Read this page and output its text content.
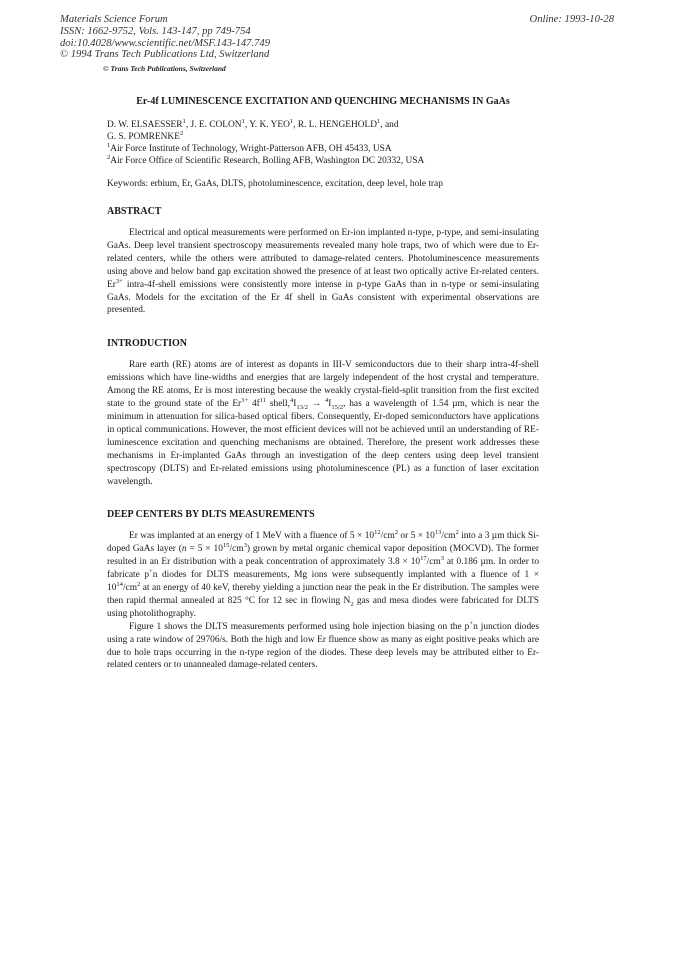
Materials Science Forum
ISSN: 1662-9752, Vols. 143-147, pp 749-754
doi:10.4028/www.scientific.net/MSF.143-147.749
© 1994 Trans Tech Publications Ltd, Switzerland
Online: 1993-10-28
© Trans Tech Publications, Switzerland
Er-4f LUMINESCENCE EXCITATION AND QUENCHING MECHANISMS IN GaAs
D. W. ELSAESSER$^1$, J. E. COLON$^1$, Y. K. YEO$^1$, R. L. HENGEHOLD$^1$, and
G. S. POMRENKE$^2$
$^1$Air Force Institute of Technology, Wright-Patterson AFB, OH 45433, USA
$^2$Air Force Office of Scientific Research, Bolling AFB, Washington DC 20332, USA
Keywords: erbium, Er, GaAs, DLTS, photoluminescence, excitation, deep level, hole trap
ABSTRACT

Electrical and optical measurements were performed on Er-ion implanted n-type, p-type, and semi-insulating GaAs. Deep level transient spectroscopy measurements revealed many hole traps, two of which were due to Er-related centers, while the others were attributed to damage-related centers. Photoluminescence measurements using above and below band gap excitation showed the presence of at least two optically active Er-related centers. $Er^{3+}$ intra-4f-shell emissions were consistently more intense in p-type GaAs than in n-type or semi-insulating GaAs. Models for the excitation of the Er 4f shell in GaAs consistent with experimental observations are presented.

INTRODUCTION

Rare earth (RE) atoms are of interest as dopants in III-V semiconductors due to their sharp intra-4f-shell emissions which have line-widths and energies that are largely independent of the host crystal and temperature. Among the RE atoms, Er is most interesting because the weakly crystal-field-split transition from the first excited state to the ground state of the $Er^{3+}$ $4f^{11}$ $shell,^4I_{13/2} \to ^4I_{15/2}$, has a wavelength of 1.54 µm, which is near the minimum in attenuation for silica-based optical fibers. Consequently, Er-doped semiconductors have applications in optical communications. However, the most efficient devices will not be achieved until an understanding of RE-luminescence excitation and quenching mechanisms are obtained. Therefore, the present work addresses these mechanisms in Er-implanted GaAs through an investigation of the deep centers using deep level transient spectroscopy (DLTS) and Er-related emissions using photoluminescence (PL) as a function of laser excitation wavelength.

DEEP CENTERS BY DLTS MEASUREMENTS

Er was implanted at an energy of 1 MeV with a fluence of $5 \times 10^{12}/cm^2$ or $5 \times 10^{13}/cm^2$ into a 3 µm thick Si-doped GaAs layer $(n = 5 \times 10^{15}/cm^3)$ grown by metal organic chemical vapor deposition (MOCVD). The former resulted in an Er distribution with a peak concentration of approximately $3.8 \times 10^{17}/cm^3$ at 0.186 µm. In order to fabricate p+n diodes for DLTS measurements, Mg ions were subsequently implanted with a fluence of $1 \times 10^{14}/cm^2$ at an energy of 40 keV, thereby yielding a junction near the peak in the Er distribution. The samples were then rapid thermal annealed at 825 °C for 12 sec in flowing $N_2$ gas and mesa diodes were fabricated for DLTS using photolithography.

Figure 1 shows the DLTS measurements performed using hole injection biasing on the p+n junction diodes using a rate window of 29706/s. Both the high and low Er fluence show as many as eight positive peaks which are due to hole traps occurring in the n-type region of the diodes. These deep levels may be attributed either to Er-related centers or to unannealed damage-related centers.
